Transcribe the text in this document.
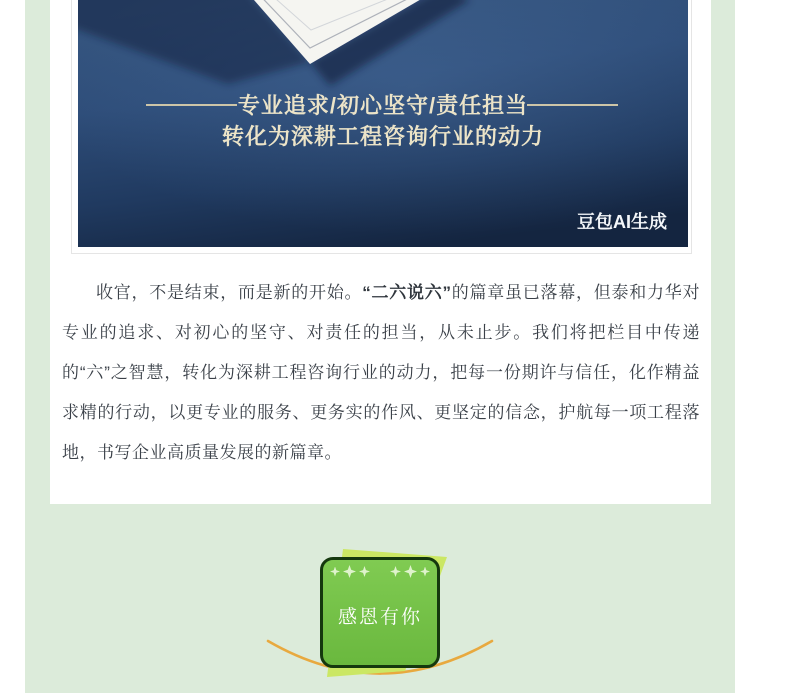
专业追求/初心坚守/责任担当
转化为深耕工程咨询行业的动力
豆包AI生成

收官，不是结束，而是新的开始。“二六说六”的篇章虽已落幕，但泰和力华对专业的追求、对初心的坚守、对责任的担当，从未止步。我们将把栏目中传递的“六”之智慧，转化为深耕工程咨询行业的动力，把每一份期许与信任，化作精益求精的行动，以更专业的服务、更务实的作风、更坚定的信念，护航每一项工程落地，书写企业高质量发展的新篇章。

感恩有你
